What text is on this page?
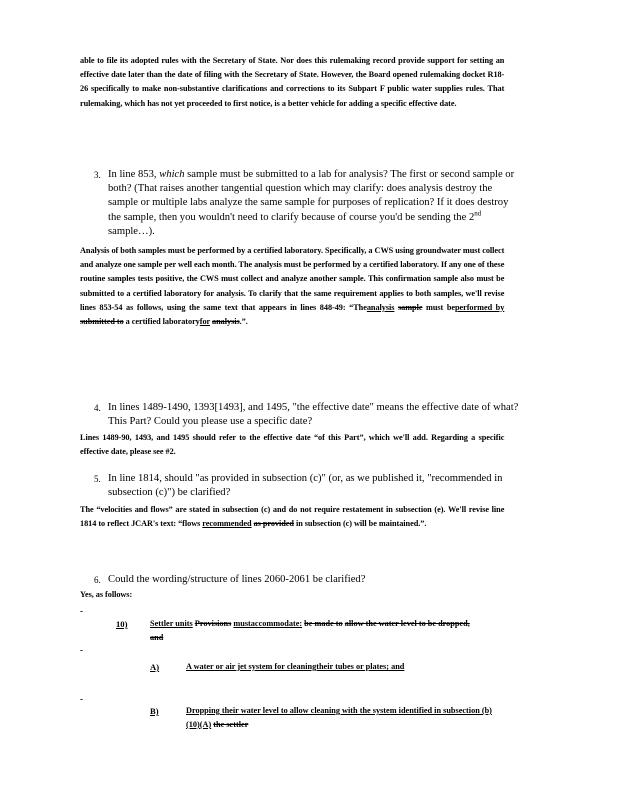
able to file its adopted rules with the Secretary of State. Nor does this rulemaking record provide support for setting an effective date later than the date of filing with the Secretary of State. However, the Board opened rulemaking docket R18-26 specifically to make non-substantive clarifications and corrections to its Subpart F public water supplies rules. That rulemaking, which has not yet proceeded to first notice, is a better vehicle for adding a specific effective date.
3. In line 853, which sample must be submitted to a lab for analysis? The first or second sample or both? (That raises another tangential question which may clarify: does analysis destroy the sample or multiple labs analyze the same sample for purposes of replication? If it does destroy the sample, then you wouldn't need to clarify because of course you'd be sending the 2nd sample…).
Analysis of both samples must be performed by a certified laboratory. Specifically, a CWS using groundwater must collect and analyze one sample per well each month. The analysis must be performed by a certified laboratory. If any one of these routine samples tests positive, the CWS must collect and analyze another sample. This confirmation sample also must be submitted to a certified laboratory for analysis. To clarify that the same requirement applies to both samples, we'll revise lines 853-54 as follows, using the same text that appears in lines 848-49: “Theanalysis sample must beperformed by submitted to a certified laboratoryfor analysis.”.
4. In lines 1489-1490, 1393[1493], and 1495, "the effective date" means the effective date of what? This Part? Could you please use a specific date?
Lines 1489-90, 1493, and 1495 should refer to the effective date “of this Part”, which we'll add. Regarding a specific effective date, please see #2.
5. In line 1814, should "as provided in subsection (c)" (or, as we published it, "recommended in subsection (c)") be clarified?
The “velocities and flows” are stated in subsection (c) and do not require restatement in subsection (e). We'll revise line 1814 to reflect JCAR's text: “flows recommended as provided in subsection (c) will be maintained.”.
6. Could the wording/structure of lines 2060-2061 be clarified?
Yes, as follows:
-
-
-
10)	Settler units Provisions mustaccommodate: be made to allow the water level to be dropped, and
A)	A water or air jet system for cleaningtheir tubes or plates; and
B)	Dropping their water level to allow cleaning with the system identified in subsection (b)(10)(A) the settler
